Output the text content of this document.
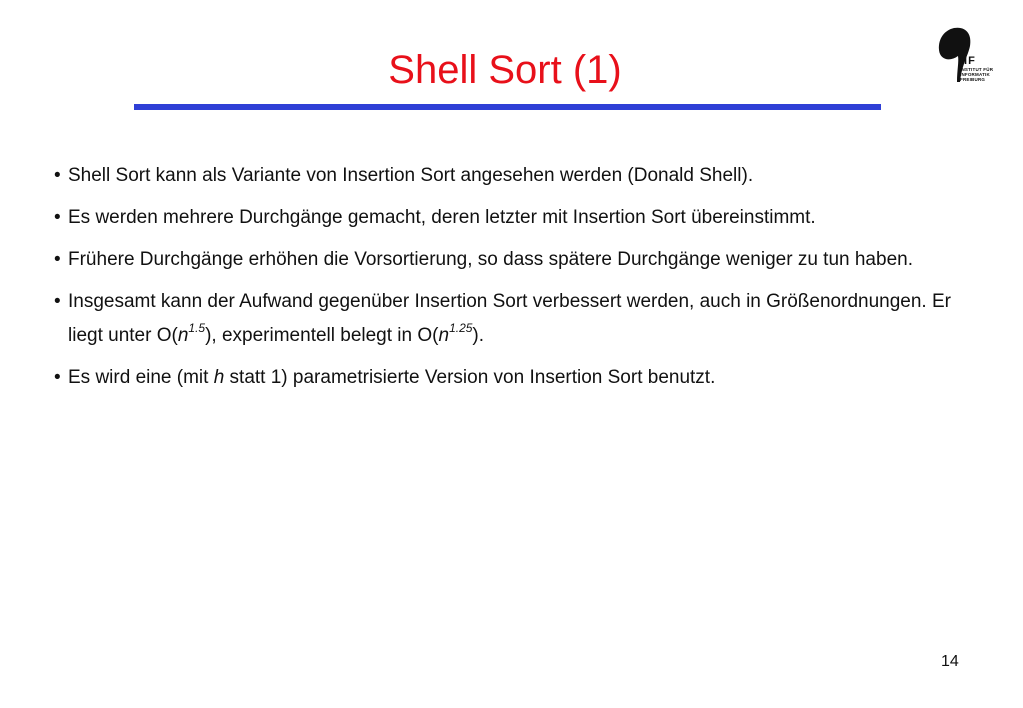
Shell Sort (1)	IIF
INSTITUT FÜR
INFORMATIK
FREIBURG
• Shell Sort kann als Variante von Insertion Sort angesehen werden (Donald Shell).
• Es werden mehrere Durchgänge gemacht, deren letzter mit Insertion Sort übereinstimmt.
• Frühere Durchgänge erhöhen die Vorsortierung, so dass spätere Durchgänge weniger zu tun haben.
• Insgesamt kann der Aufwand gegenüber Insertion Sort verbessert werden, auch in Größenordnungen. Er liegt unter $O(n^{1.5})$, experimentell belegt in $O(n^{1.25})$.
• Es wird eine (mit h statt 1) parametrisierte Version von Insertion Sort benutzt.
14
